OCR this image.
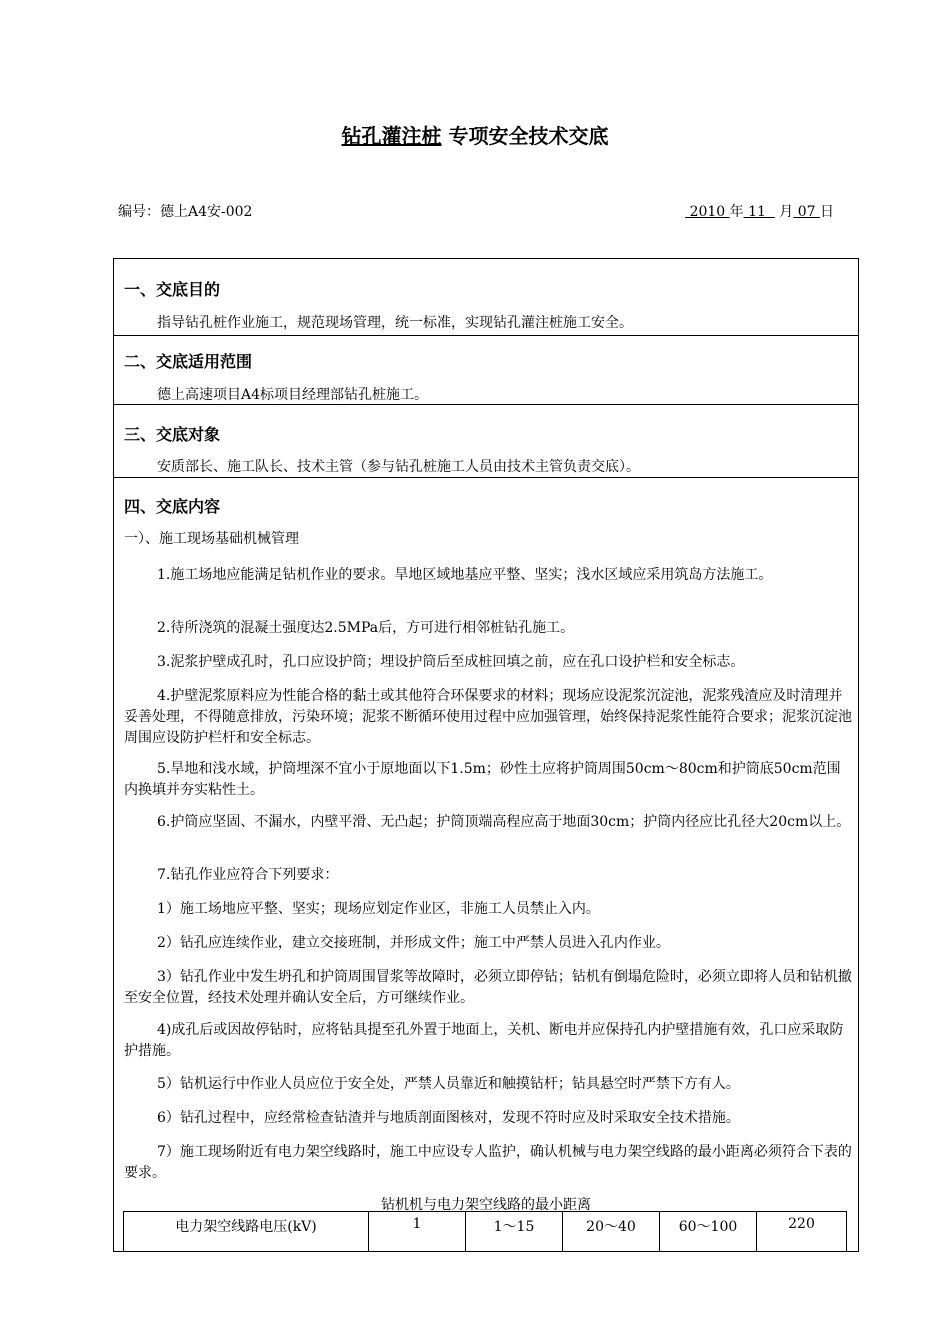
钻孔灌注桩 专项安全技术交底
编号：德上A4安-002	2010 年 11   月 07 日
一、交底目的
指导钻孔桩作业施工，规范现场管理，统一标准，实现钻孔灌注桩施工安全。
二、交底适用范围
德上高速项目A4标项目经理部钻孔桩施工。
三、交底对象
安质部长、施工队长、技术主管（参与钻孔桩施工人员由技术主管负责交底）。
四、交底内容
一）、施工现场基础机械管理
1.施工场地应能满足钻机作业的要求。旱地区域地基应平整、坚实；浅水区域应采用筑岛方法施工。
2.待所浇筑的混凝土强度达2.5MPa后，方可进行相邻桩钻孔施工。
3.泥浆护壁成孔时，孔口应设护筒；埋设护筒后至成桩回填之前，应在孔口设护栏和安全标志。
4.护壁泥浆原料应为性能合格的黏土或其他符合环保要求的材料；现场应设泥浆沉淀池，泥浆残渣应及时清理并妥善处理，不得随意排放，污染环境；泥浆不断循环使用过程中应加强管理，始终保持泥浆性能符合要求；泥浆沉淀池周围应设防护栏杆和安全标志。
5.旱地和浅水域，护筒埋深不宜小于原地面以下1.5m；砂性土应将护筒周围50cm～80cm和护筒底50cm范围内换填并夯实粘性土。
6.护筒应坚固、不漏水，内壁平滑、无凸起；护筒顶端高程应高于地面30cm；护筒内径应比孔径大20cm以上。
7.钻孔作业应符合下列要求：
1）施工场地应平整、坚实；现场应划定作业区，非施工人员禁止入内。
2）钻孔应连续作业，建立交接班制，并形成文件；施工中严禁人员进入孔内作业。
3）钻孔作业中发生坍孔和护筒周围冒浆等故障时，必须立即停钻；钻机有倒塌危险时，必须立即将人员和钻机撤至安全位置，经技术处理并确认安全后，方可继续作业。
4)成孔后或因故停钻时，应将钻具提至孔外置于地面上，关机、断电并应保持孔内护壁措施有效，孔口应采取防护措施。
5）钻机运行中作业人员应位于安全处，严禁人员靠近和触摸钻杆；钻具悬空时严禁下方有人。
6）钻孔过程中，应经常检查钻渣并与地质剖面图核对，发现不符时应及时采取安全技术措施。
7）施工现场附近有电力架空线路时，施工中应设专人监护，确认机械与电力架空线路的最小距离必须符合下表的要求。
钻机机与电力架空线路的最小距离
电力架空线路电压(kV)	1	1～15	20～40	60～100	220
